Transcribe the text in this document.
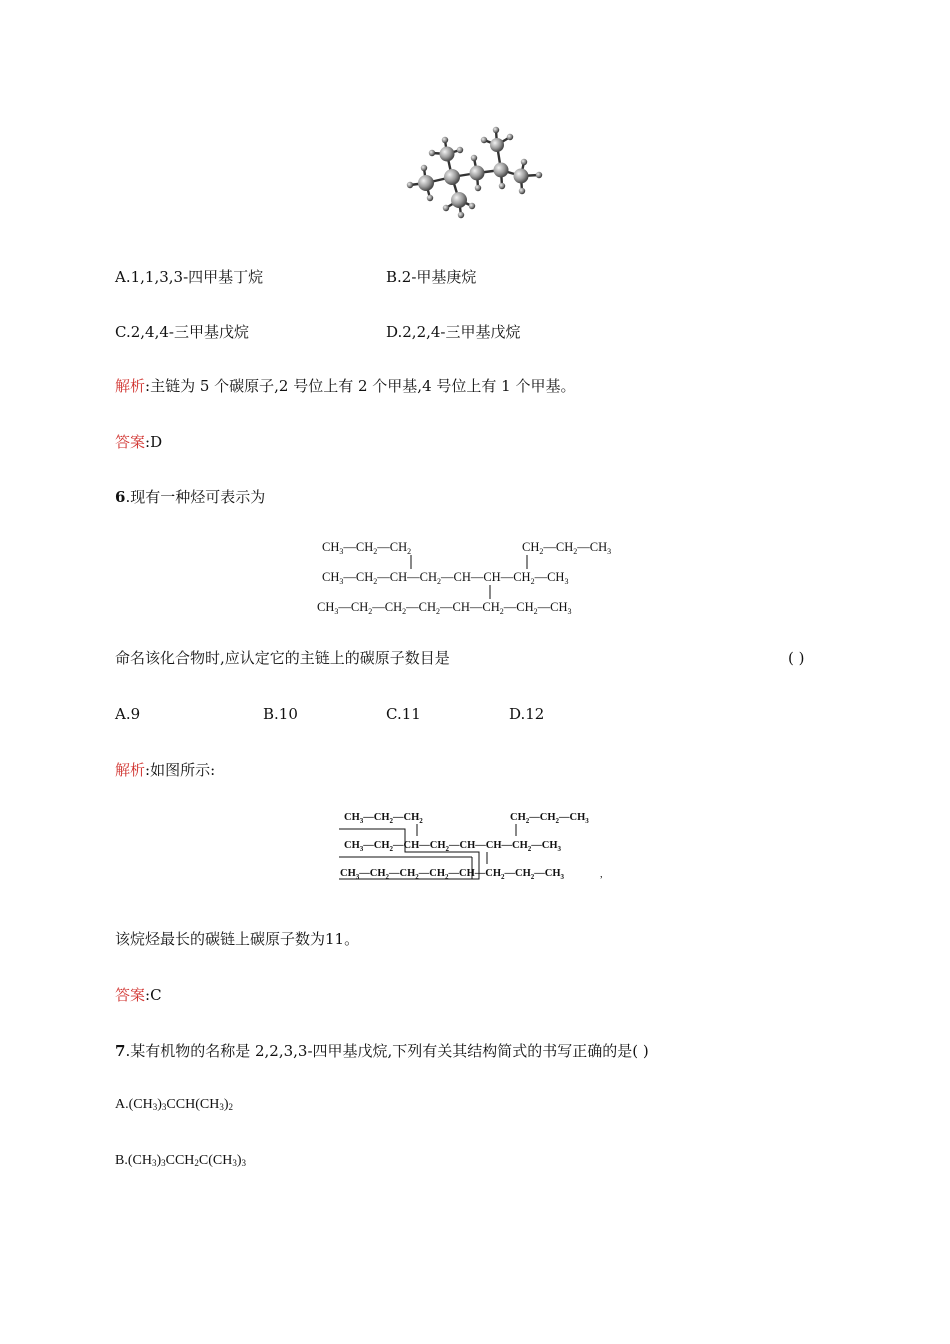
A.1,1,3,3-四甲基丁烷	B.2-甲基庚烷
C.2,4,4-三甲基戊烷	D.2,2,4-三甲基戊烷
解析:主链为 5 个碳原子,2 号位上有 2 个甲基,4 号位上有 1 个甲基。
答案:D
6.现有一种烃可表示为
$CH_3—CH_2—CH_2$	$CH_2—CH_2—CH_3$
$CH_3—CH_2—CH—CH_2—CH—CH—CH_2—CH_3$
$CH_3—CH_2—CH_2—CH_2—CH—CH_2—CH_2—CH_3$
命名该化合物时,应认定它的主链上的碳原子数目是	( )
A.9	B.10	C.11	D.12
解析:如图所示:
$CH_3—CH_2—CH_2$	$CH_2—CH_2—CH_3$
$CH_3—CH_2—CH—CH_2—CH—CH—CH_2—CH_3$
$CH_3—CH_2—CH_2—CH_2—CH—CH_2—CH_2—CH_3$	,
该烷烃最长的碳链上碳原子数为11。
答案:C
7.某有机物的名称是 2,2,3,3-四甲基戊烷,下列有关其结构简式的书写正确的是( )
$A.(CH_3)_3CCH(CH_3)_2$
$B.(CH_3)_3CCH_2C(CH_3)_3$
